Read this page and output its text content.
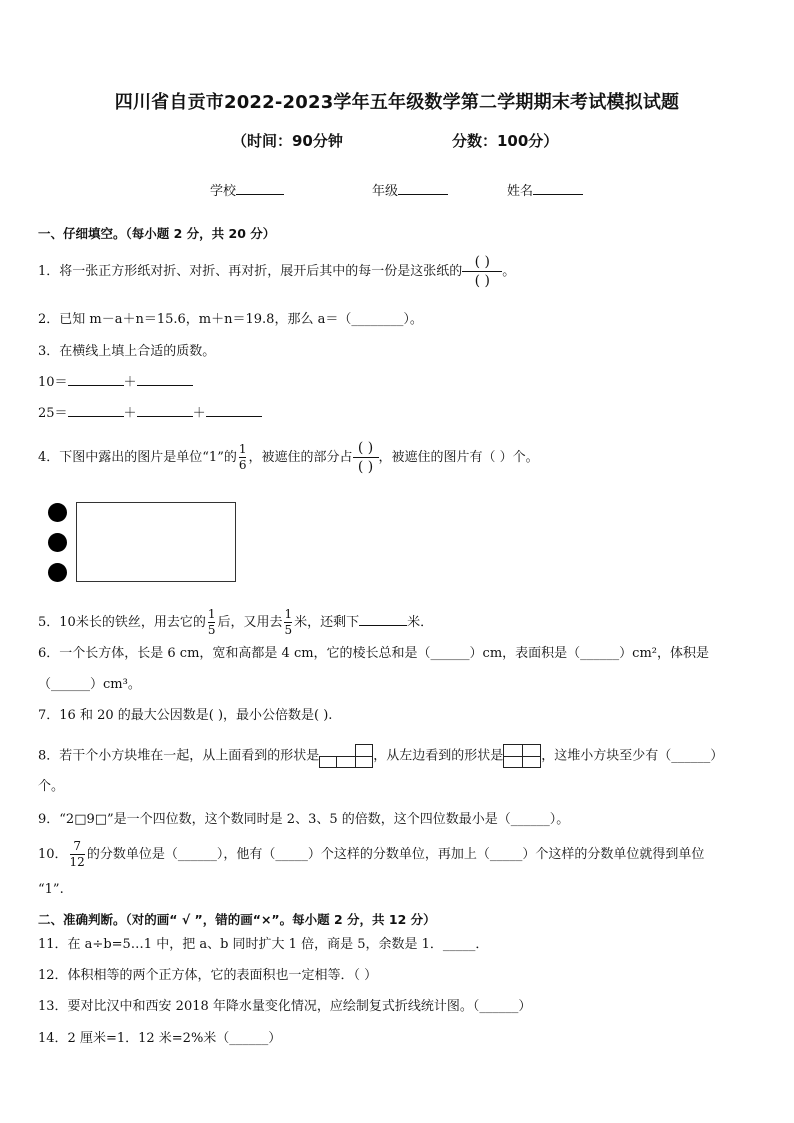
四川省自贡市2022-2023学年五年级数学第二学期期末考试模拟试题
（时间：90分钟	分数：100分）
学校	年级	姓名
一、仔细填空。（每小题 2 分，共 20 分）
1．将一张正方形纸对折、对折、再对折，展开后其中的每一份是这张纸的 $\frac{( )}{( )}$ 。
2．已知 m－a＋n＝15.6，m＋n＝19.8，那么 a＝（________）。
3．在横线上填上合适的质数。
10＝	＋
25＝	＋	＋
4．下图中露出的图片是单位“1”的 $\frac{1}{6}$ ，被遮住的部分占 $\frac{( )}{( )}$ ，被遮住的图片有（ ）个。
5．10米长的铁丝，用去它的 $\frac{1}{5}$ 后，又用去 $\frac{1}{5}$ 米，还剩下	米．
6．一个长方体，长是 6 cm，宽和高都是 4 cm，它的棱长总和是（______）cm，表面积是（______）cm²，体积是
（______）cm³。
7．16 和 20 的最大公因数是( )，最小公倍数是( ).
8．若干个小方块堆在一起，从上面看到的形状是	，从左边看到的形状是	，这堆小方块至少有（______）
个。
9．“2□9□”是一个四位数，这个数同时是 2、3、5 的倍数，这个四位数最小是（______）。
10． $\frac{7}{12}$ 的分数单位是（______），他有（_____）个这样的分数单位，再加上（_____）个这样的分数单位就得到单位
“1”.
二、准确判断。（对的画“ √ ”，错的画“×”。每小题 2 分，共 12 分）
11．在 a÷b=5…1 中，把 a、b 同时扩大 1 倍，商是 5，余数是 1．_____．
12．体积相等的两个正方体，它的表面积也一定相等．（ ）
13．要对比汉中和西安 2018 年降水量变化情况，应绘制复式折线统计图。（______）
14．2 厘米=1．12 米=2%米（______）
